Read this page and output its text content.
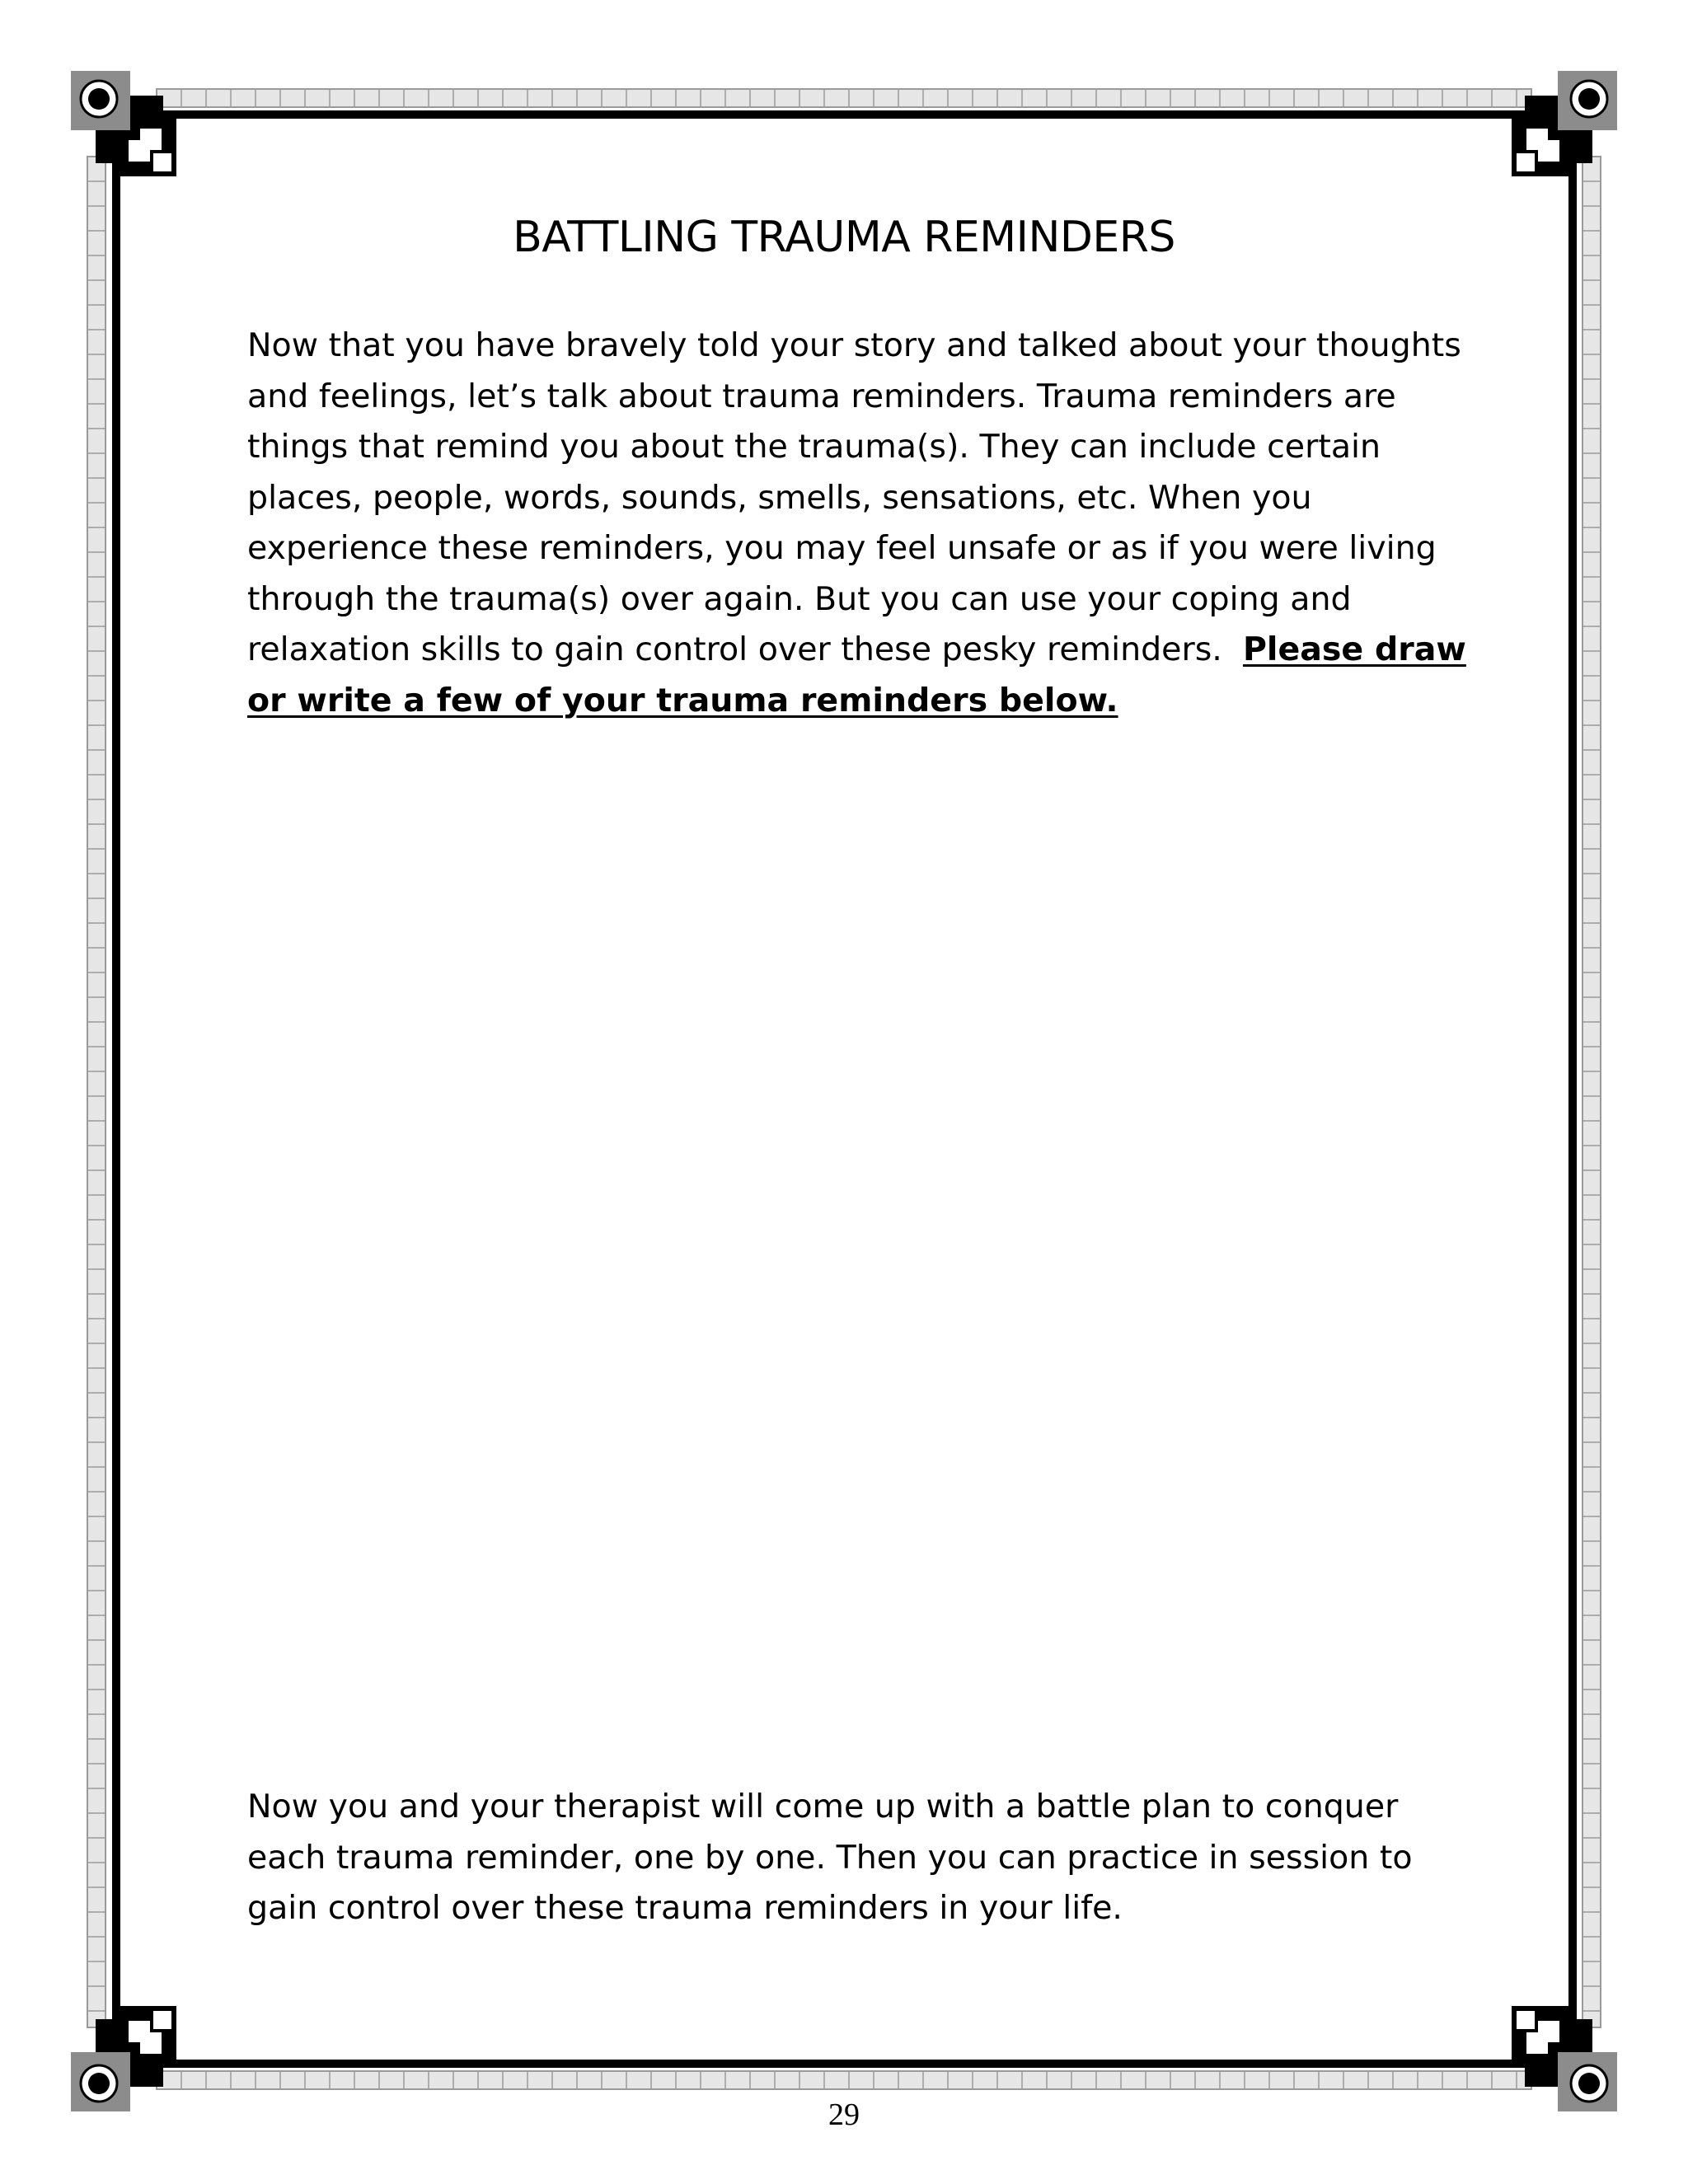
BATTLING TRAUMA REMINDERS
Now that you have bravely told your story and talked about your thoughts
and feelings, let’s talk about trauma reminders. Trauma reminders are
things that remind you about the trauma(s). They can include certain
places, people, words, sounds, smells, sensations, etc. When you
experience these reminders, you may feel unsafe or as if you were living
through the trauma(s) over again. But you can use your coping and
relaxation skills to gain control over these pesky reminders.  Please draw
or write a few of your trauma reminders below.
Now you and your therapist will come up with a battle plan to conquer
each trauma reminder, one by one. Then you can practice in session to
gain control over these trauma reminders in your life.
29
